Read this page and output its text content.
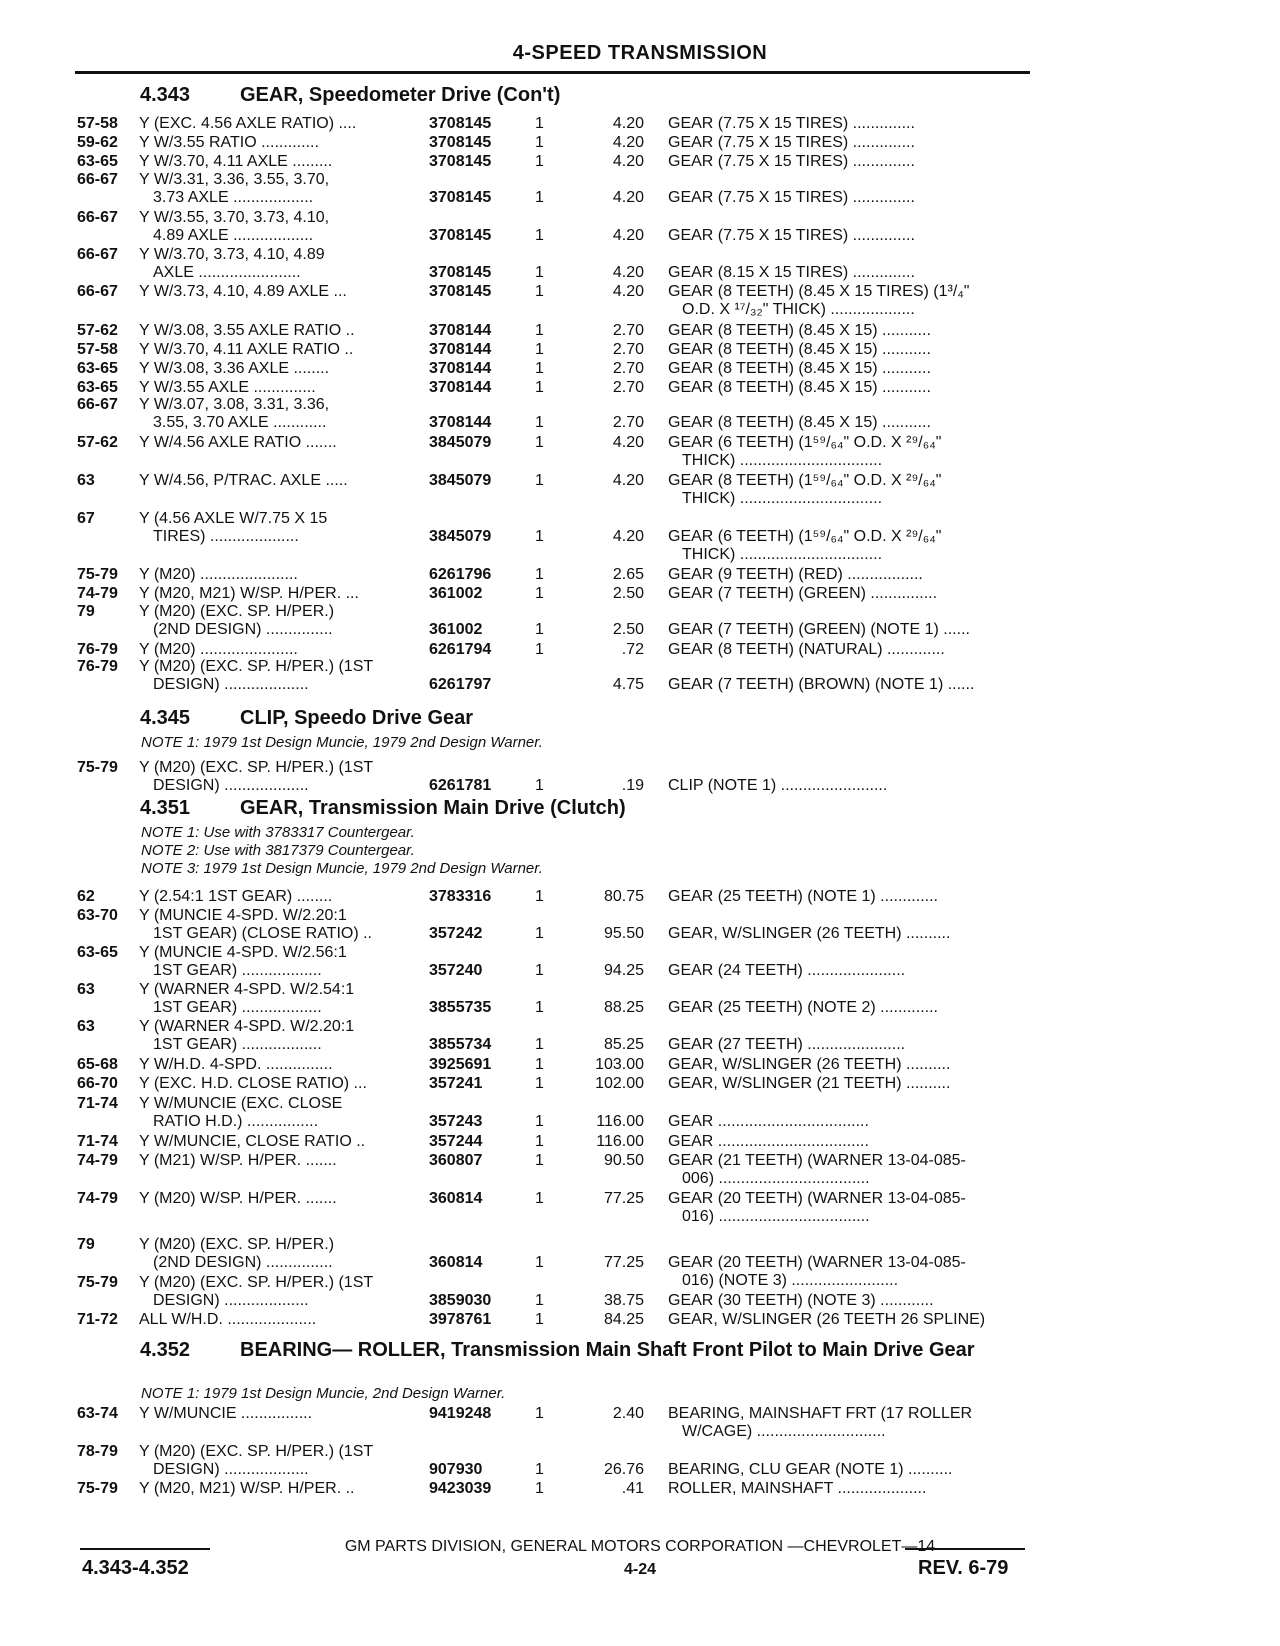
4-SPEED TRANSMISSION
4.343 GEAR, Speedometer Drive (Con't)
4.345 CLIP, Speedo Drive Gear
4.351 GEAR, Transmission Main Drive (Clutch)
4.352 BEARING— ROLLER, Transmission Main Shaft Front Pilot to Main Drive Gear
NOTE 1: 1979 1st Design Muncie, 1979 2nd Design Warner.
NOTE 1: Use with 3783317 Countergear.
NOTE 2: Use with 3817379 Countergear.
NOTE 3: 1979 1st Design Muncie, 1979 2nd Design Warner.
NOTE 1: 1979 1st Design Muncie, 2nd Design Warner.
57-58 Y (EXC. 4.56 AXLE RATIO) ....	3708145	1	4.20 GEAR (7.75 X 15 TIRES) ..............
59-62 Y W/3.55 RATIO .............	3708145	1	4.20 GEAR (7.75 X 15 TIRES) ..............
63-65 Y W/3.70, 4.11 AXLE .........	3708145	1	4.20 GEAR (7.75 X 15 TIRES) ..............
66-67 Y W/3.31, 3.36, 3.55, 3.70,
3.73 AXLE ..................	3708145	1	4.20 GEAR (7.75 X 15 TIRES) ..............
66-67 Y W/3.55, 3.70, 3.73, 4.10,
4.89 AXLE ..................	3708145	1	4.20 GEAR (7.75 X 15 TIRES) ..............
66-67 Y W/3.70, 3.73, 4.10, 4.89
AXLE .......................	3708145	1	4.20 GEAR (8.15 X 15 TIRES) ..............
66-67 Y W/3.73, 4.10, 4.89 AXLE ...	3708145	1	4.20 GEAR (8 TEETH) (8.45 X 15 TIRES) (1³/₄"
O.D. X ¹⁷/₃₂" THICK) ...................
57-62 Y W/3.08, 3.55 AXLE RATIO ..	3708144	1	2.70 GEAR (8 TEETH) (8.45 X 15) ...........
57-58 Y W/3.70, 4.11 AXLE RATIO ..	3708144	1	2.70 GEAR (8 TEETH) (8.45 X 15) ...........
63-65 Y W/3.08, 3.36 AXLE ........	3708144	1	2.70 GEAR (8 TEETH) (8.45 X 15) ...........
63-65 Y W/3.55 AXLE ..............	3708144	1	2.70 GEAR (8 TEETH) (8.45 X 15) ...........
66-67 Y W/3.07, 3.08, 3.31, 3.36,
3.55, 3.70 AXLE ............	3708144	1	2.70 GEAR (8 TEETH) (8.45 X 15) ...........
57-62 Y W/4.56 AXLE RATIO .......	3845079	1	4.20 GEAR (6 TEETH) (1⁵⁹/₆₄" O.D. X ²⁹/₆₄"
THICK) ................................
63	Y W/4.56, P/TRAC. AXLE .....	3845079	1	4.20 GEAR (8 TEETH) (1⁵⁹/₆₄" O.D. X ²⁹/₆₄"
THICK) ................................
67	Y (4.56 AXLE W/7.75 X 15
TIRES) ....................	3845079	1	4.20 GEAR (6 TEETH) (1⁵⁹/₆₄" O.D. X ²⁹/₆₄"
THICK) ................................
75-79 Y (M20) ......................	6261796	1	2.65 GEAR (9 TEETH) (RED) .................
74-79 Y (M20, M21) W/SP. H/PER. ...	361002	1	2.50 GEAR (7 TEETH) (GREEN) ...............
79	Y (M20) (EXC. SP. H/PER.)
(2ND DESIGN) ...............	361002	1	2.50 GEAR (7 TEETH) (GREEN) (NOTE 1) ......
76-79 Y (M20) ......................	6261794	1	.72 GEAR (8 TEETH) (NATURAL) .............
76-79 Y (M20) (EXC. SP. H/PER.) (1ST
DESIGN) ...................	6261797	4.75 GEAR (7 TEETH) (BROWN) (NOTE 1) ......
75-79 Y (M20) (EXC. SP. H/PER.) (1ST
DESIGN) ...................	6261781	1	.19 CLIP (NOTE 1) ........................
62	Y (2.54:1 1ST GEAR) ........	3783316	1	80.75 GEAR (25 TEETH) (NOTE 1) .............
63-70 Y (MUNCIE 4-SPD. W/2.20:1
1ST GEAR) (CLOSE RATIO) ..	357242	1	95.50 GEAR, W/SLINGER (26 TEETH) ..........
63-65 Y (MUNCIE 4-SPD. W/2.56:1
1ST GEAR) ..................	357240	1	94.25 GEAR (24 TEETH) ......................
63	Y (WARNER 4-SPD. W/2.54:1
1ST GEAR) ..................	3855735	1	88.25 GEAR (25 TEETH) (NOTE 2) .............
63	Y (WARNER 4-SPD. W/2.20:1
1ST GEAR) ..................	3855734	1	85.25 GEAR (27 TEETH) ......................
65-68 Y W/H.D. 4-SPD. ...............	3925691	1	103.00 GEAR, W/SLINGER (26 TEETH) ..........
66-70 Y (EXC. H.D. CLOSE RATIO) ...	357241	1	102.00 GEAR, W/SLINGER (21 TEETH) ..........
71-74 Y W/MUNCIE (EXC. CLOSE
RATIO H.D.) ................	357243	1	116.00 GEAR ..................................
71-74 Y W/MUNCIE, CLOSE RATIO ..	357244	1	116.00 GEAR ..................................
74-79 Y (M21) W/SP. H/PER. .......	360807	1	90.50 GEAR (21 TEETH) (WARNER 13-04-085-
006) ..................................
74-79 Y (M20) W/SP. H/PER. .......	360814	1	77.25 GEAR (20 TEETH) (WARNER 13-04-085-
016) ..................................
79	Y (M20) (EXC. SP. H/PER.)
(2ND DESIGN) ...............	360814	1	77.25 GEAR (20 TEETH) (WARNER 13-04-085-
016) (NOTE 3) ........................
75-79 Y (M20) (EXC. SP. H/PER.) (1ST
DESIGN) ...................	3859030	1	38.75 GEAR (30 TEETH) (NOTE 3) ............
71-72 ALL W/H.D. ....................	3978761	1	84.25 GEAR, W/SLINGER (26 TEETH 26 SPLINE)
63-74 Y W/MUNCIE ................	9419248	1	2.40 BEARING, MAINSHAFT FRT (17 ROLLER
W/CAGE) .............................
78-79 Y (M20) (EXC. SP. H/PER.) (1ST
DESIGN) ...................	907930	1	26.76 BEARING, CLU GEAR (NOTE 1) ..........
75-79 Y (M20, M21) W/SP. H/PER. ..	9423039	1	.41 ROLLER, MAINSHAFT ....................
GM PARTS DIVISION, GENERAL MOTORS CORPORATION —CHEVROLET—14
4.343-4.352	4-24	REV. 6-79
